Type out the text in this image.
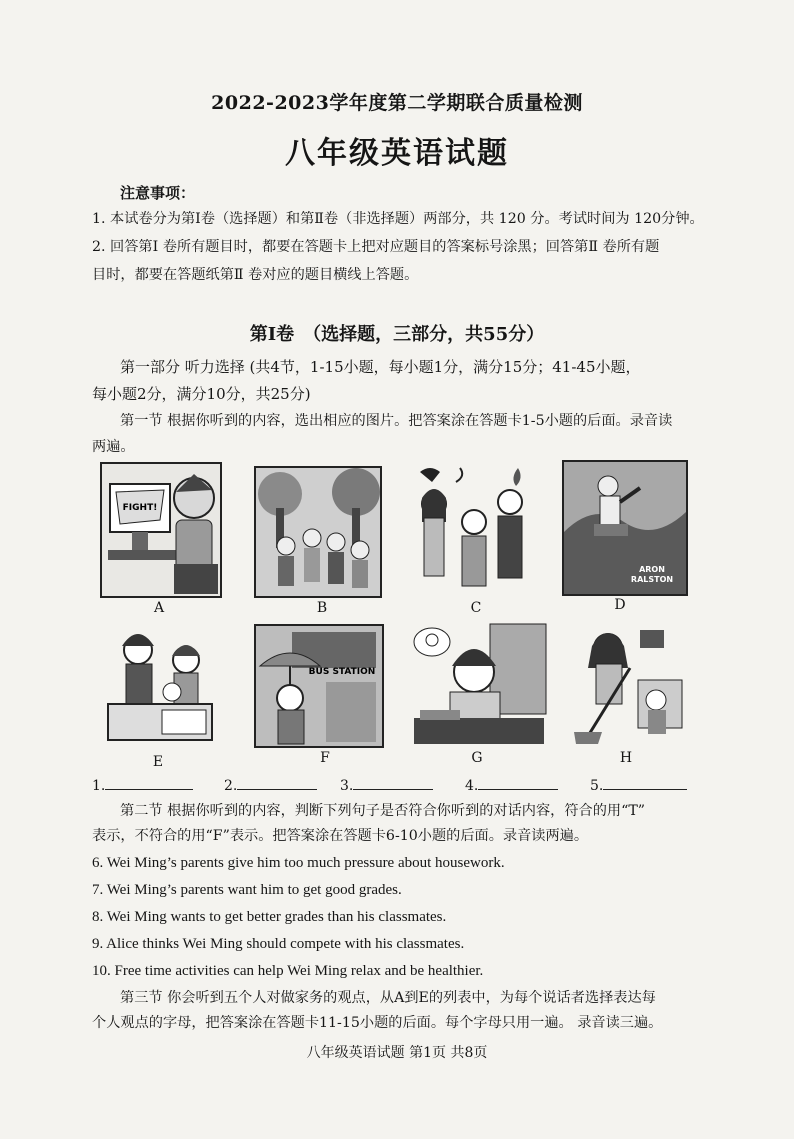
2022-2023学年度第二学期联合质量检测
八年级英语试题
注意事项：
1. 本试卷分为第Ⅰ卷（选择题）和第Ⅱ卷（非选择题）两部分，共 120 分。考试时间为 120分钟。
2. 回答第Ⅰ 卷所有题目时，都要在答题卡上把对应题目的答案标号涂黑；回答第Ⅱ 卷所有题
目时，都要在答题纸第Ⅱ 卷对应的题目横线上答题。
第Ⅰ卷　（选择题，三部分，共55分）
第一部分 听力选择 (共4节，1-15小题，每小题1分，满分15分；41-45小题，
每小题2分，满分10分，共25分)
第一节 根据你听到的内容，选出相应的图片。把答案涂在答题卡1-5小题的后面。录音读
两遍。
FIGHT!
ARON
RALSTON
A	B	C	D
BUS STATION
E	F	G	H
1.	2.	3.	4.	5.
第二节 根据你听到的内容，判断下列句子是否符合你听到的对话内容，符合的用“T”
表示，不符合的用“F”表示。把答案涂在答题卡6-10小题的后面。录音读两遍。
6. Wei Ming’s parents give him too much pressure about housework.
7. Wei Ming’s parents want him to get good grades.
8. Wei Ming wants to get better grades than his classmates.
9. Alice thinks Wei Ming should compete with his classmates.
10. Free time activities can help Wei Ming relax and be healthier.
第三节 你会听到五个人对做家务的观点，从A到E的列表中，为每个说话者选择表达每
个人观点的字母，把答案涂在答题卡11-15小题的后面。每个字母只用一遍。 录音读三遍。
八年级英语试题 第1页 共8页
